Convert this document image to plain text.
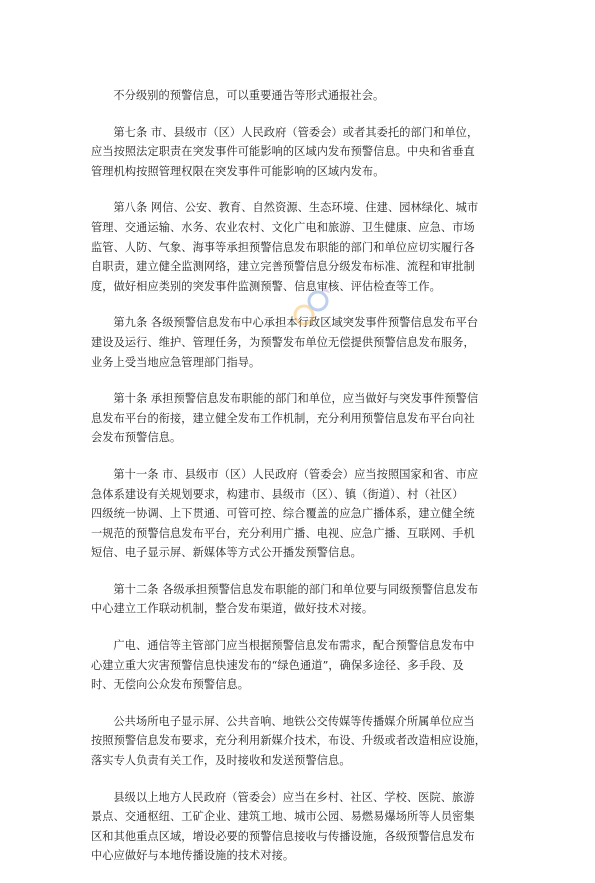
不分级别的预警信息，可以重要通告等形式通报社会。

第七条 市、县级市（区）人民政府（管委会）或者其委托的部门和单位，
应当按照法定职责在突发事件可能影响的区域内发布预警信息。中央和省垂直
管理机构按照管理权限在突发事件可能影响的区域内发布。

第八条 网信、公安、教育、自然资源、生态环境、住建、园林绿化、城市
管理、交通运输、水务、农业农村、文化广电和旅游、卫生健康、应急、市场
监管、人防、气象、海事等承担预警信息发布职能的部门和单位应切实履行各
自职责，建立健全监测网络，建立完善预警信息分级发布标准、流程和审批制
度，做好相应类别的突发事件监测预警、信息审核、评估检查等工作。

第九条 各级预警信息发布中心承担本行政区域突发事件预警信息发布平台
建设及运行、维护、管理任务，为预警发布单位无偿提供预警信息发布服务，
业务上受当地应急管理部门指导。

第十条 承担预警信息发布职能的部门和单位，应当做好与突发事件预警信
息发布平台的衔接，建立健全发布工作机制，充分利用预警信息发布平台向社
会发布预警信息。

第十一条 市、县级市（区）人民政府（管委会）应当按照国家和省、市应
急体系建设有关规划要求，构建市、县级市（区）、镇（街道）、村（社区）
四级统一协调、上下贯通、可管可控、综合覆盖的应急广播体系，建立健全统
一规范的预警信息发布平台，充分利用广播、电视、应急广播、互联网、手机
短信、电子显示屏、新媒体等方式公开播发预警信息。

第十二条 各级承担预警信息发布职能的部门和单位要与同级预警信息发布
中心建立工作联动机制，整合发布渠道，做好技术对接。

广电、通信等主管部门应当根据预警信息发布需求，配合预警信息发布中
心建立重大灾害预警信息快速发布的“绿色通道”，确保多途径、多手段、及
时、无偿向公众发布预警信息。

公共场所电子显示屏、公共音响、地铁公交传媒等传播媒介所属单位应当
按照预警信息发布要求，充分利用新媒介技术，布设、升级或者改造相应设施，
落实专人负责有关工作，及时接收和发送预警信息。

县级以上地方人民政府（管委会）应当在乡村、社区、学校、医院、旅游
景点、交通枢纽、工矿企业、建筑工地、城市公园、易燃易爆场所等人员密集
区和其他重点区域，增设必要的预警信息接收与传播设施，各级预警信息发布
中心应做好与本地传播设施的技术对接。
